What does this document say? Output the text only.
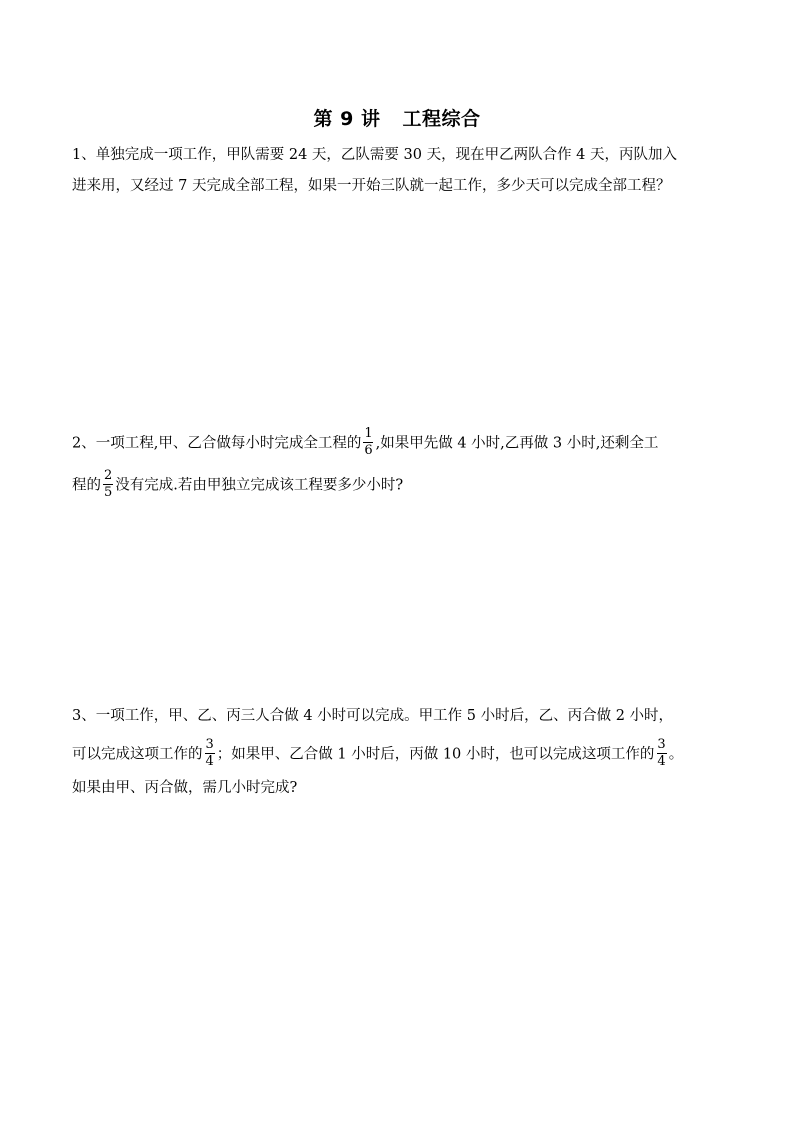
第 9 讲 工程综合
1、单独完成一项工作，甲队需要 24 天，乙队需要 30 天，现在甲乙两队合作 4 天，丙队加入
进来用，又经过 7 天完成全部工程，如果一开始三队就一起工作，多少天可以完成全部工程？
2、一项工程,甲、乙合做每小时完成全工程的 $\frac{1}{6}$ ,如果甲先做 4 小时,乙再做 3 小时,还剩全工
程的 $\frac{2}{5}$ 没有完成.若由甲独立完成该工程要多少小时?
3、一项工作，甲、乙、丙三人合做 4 小时可以完成。甲工作 5 小时后，乙、丙合做 2 小时，
可以完成这项工作的 $\frac{3}{4}$ ；如果甲、乙合做 1 小时后，丙做 10 小时，也可以完成这项工作的 $\frac{3}{4}$ 。
如果由甲、丙合做，需几小时完成?
